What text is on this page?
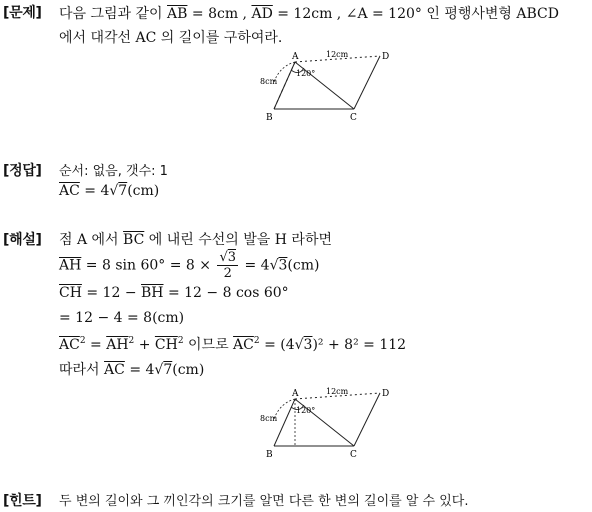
[문제] 다음 그림과 같이 $\overline{AB} = 8cm$ , $\overline{AD} = 12cm$ , ∠A = 120° 인 평행사변형 ABCD
에서 대각선 AC 의 길이를 구하여라.
A
B	C
D
8cm
12cm
120°
[정답] 순서: 없음, 갯수: 1
$\overline{AC} = 4√7(cm)$
[해설] 점 A 에서 $\overline{BC}$ 에 내린 수선의 발을 H 라하면
$\overline{AH} = 8$ $\sin 60^\circ = 8 \times \frac{√3}{2} = 4√3(cm)$
$\overline{CH} = 12 - \overline{BH} = 12 - 8$ cos 60°
= 12 − 4 = 8(cm)
$\overline{AC}^2 = \overline{AH}^2 + \overline{CH}^2$ 이므로 $\overline{AC}^2 = (4√3)^2 + 8^2 = 112$
따라서 $\overline{AC} = 4√7(cm)$
A
B	C
D
8cm
12cm
120°
[힌트] 두 변의 길이와 그 끼인각의 크기를 알면 다른 한 변의 길이를 알 수 있다.
